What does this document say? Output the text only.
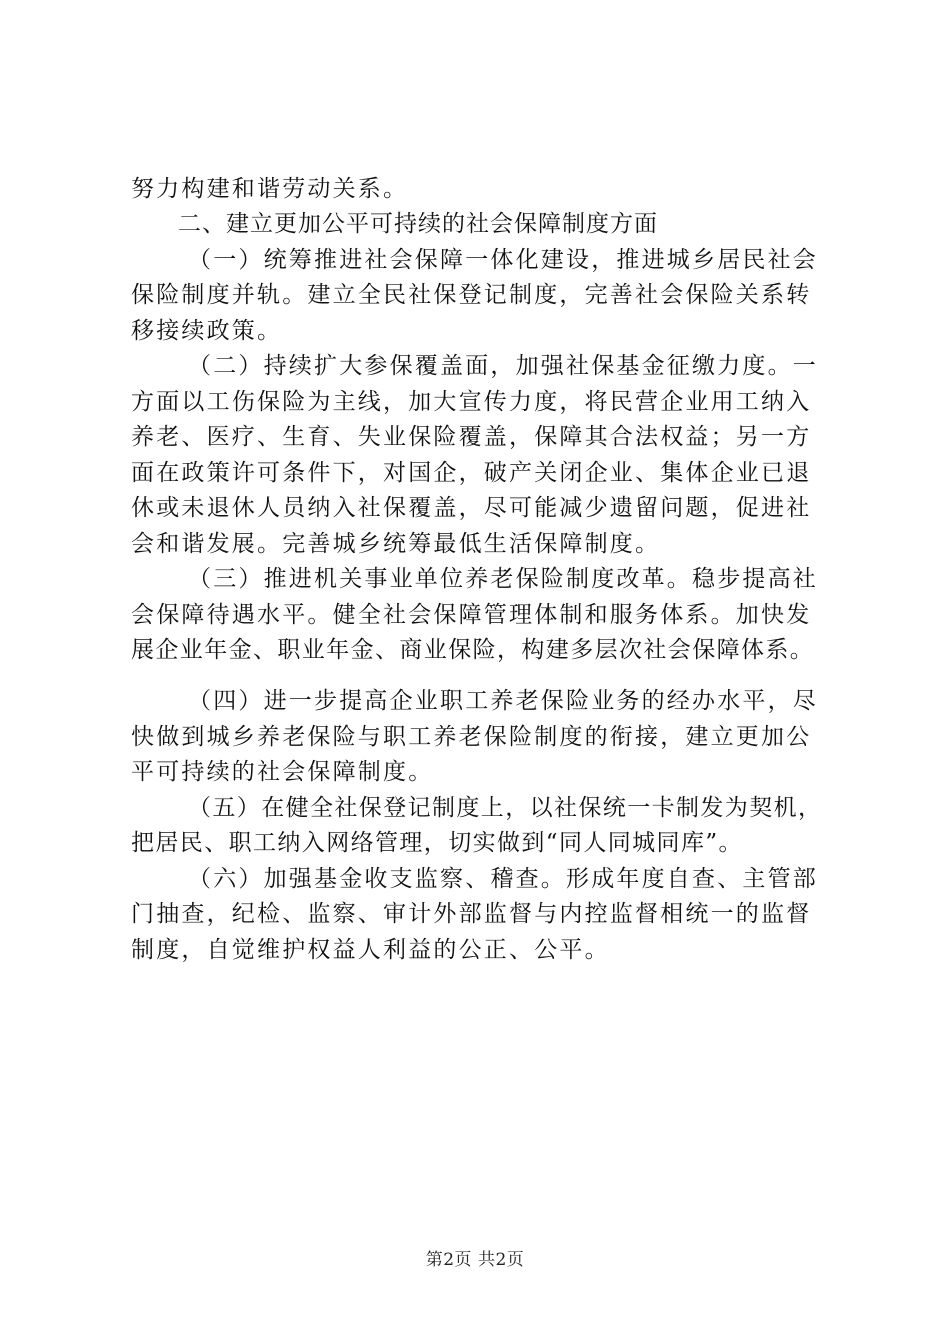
努力构建和谐劳动关系。
二、建立更加公平可持续的社会保障制度方面
（一）统筹推进社会保障一体化建设，推进城乡居民社会
保险制度并轨。建立全民社保登记制度，完善社会保险关系转
移接续政策。
（二）持续扩大参保覆盖面，加强社保基金征缴力度。一
方面以工伤保险为主线，加大宣传力度，将民营企业用工纳入
养老、医疗、生育、失业保险覆盖，保障其合法权益；另一方
面在政策许可条件下，对国企，破产关闭企业、集体企业已退
休或未退休人员纳入社保覆盖，尽可能减少遗留问题，促进社
会和谐发展。完善城乡统筹最低生活保障制度。
（三）推进机关事业单位养老保险制度改革。稳步提高社
会保障待遇水平。健全社会保障管理体制和服务体系。加快发
展企业年金、职业年金、商业保险，构建多层次社会保障体系。
（四）进一步提高企业职工养老保险业务的经办水平，尽
快做到城乡养老保险与职工养老保险制度的衔接，建立更加公
平可持续的社会保障制度。
（五）在健全社保登记制度上，以社保统一卡制发为契机，
把居民、职工纳入网络管理，切实做到“同人同城同库”。
（六）加强基金收支监察、稽查。形成年度自查、主管部
门抽查，纪检、监察、审计外部监督与内控监督相统一的监督
制度，自觉维护权益人利益的公正、公平。
第2页 共2页
